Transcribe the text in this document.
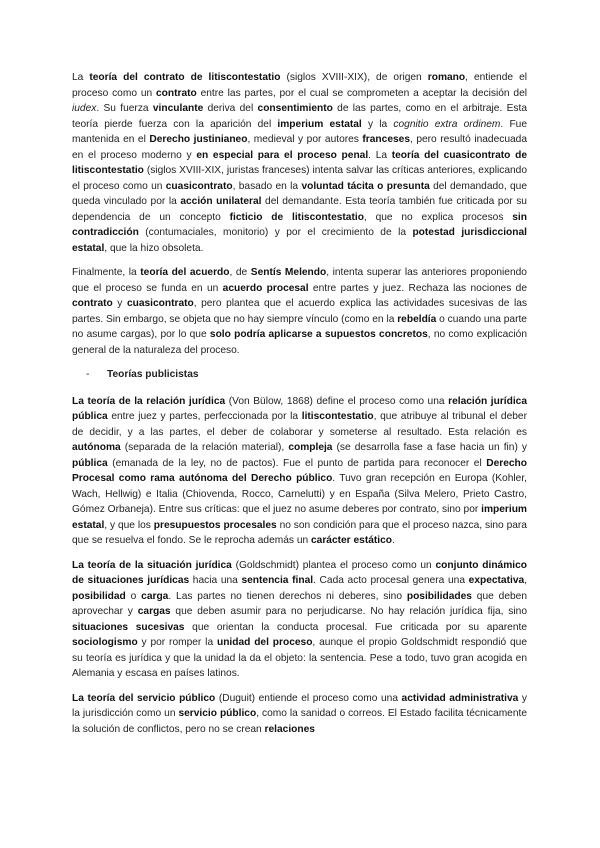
La teoría del contrato de litiscontestatio (siglos XVIII-XIX), de origen romano, entiende el proceso como un contrato entre las partes, por el cual se comprometen a aceptar la decisión del iudex. Su fuerza vinculante deriva del consentimiento de las partes, como en el arbitraje. Esta teoría pierde fuerza con la aparición del imperium estatal y la cognitio extra ordinem. Fue mantenida en el Derecho justinianeo, medieval y por autores franceses, pero resultó inadecuada en el proceso moderno y en especial para el proceso penal. La teoría del cuasicontrato de litiscontestatio (siglos XVIII-XIX, juristas franceses) intenta salvar las críticas anteriores, explicando el proceso como un cuasicontrato, basado en la voluntad tácita o presunta del demandado, que queda vinculado por la acción unilateral del demandante. Esta teoría también fue criticada por su dependencia de un concepto ficticio de litiscontestatio, que no explica procesos sin contradicción (contumaciales, monitorio) y por el crecimiento de la potestad jurisdiccional estatal, que la hizo obsoleta.

Finalmente, la teoría del acuerdo, de Sentís Melendo, intenta superar las anteriores proponiendo que el proceso se funda en un acuerdo procesal entre partes y juez. Rechaza las nociones de contrato y cuasicontrato, pero plantea que el acuerdo explica las actividades sucesivas de las partes. Sin embargo, se objeta que no hay siempre vínculo (como en la rebeldía o cuando una parte no asume cargas), por lo que solo podría aplicarse a supuestos concretos, no como explicación general de la naturaleza del proceso.

-	Teorías publicistas

La teoría de la relación jurídica (Von Bülow, 1868) define el proceso como una relación jurídica pública entre juez y partes, perfeccionada por la litiscontestatio, que atribuye al tribunal el deber de decidir, y a las partes, el deber de colaborar y someterse al resultado. Esta relación es autónoma (separada de la relación material), compleja (se desarrolla fase a fase hacia un fin) y pública (emanada de la ley, no de pactos). Fue el punto de partida para reconocer el Derecho Procesal como rama autónoma del Derecho público. Tuvo gran recepción en Europa (Kohler, Wach, Hellwig) e Italia (Chiovenda, Rocco, Carnelutti) y en España (Silva Melero, Prieto Castro, Gómez Orbaneja). Entre sus críticas: que el juez no asume deberes por contrato, sino por imperium estatal, y que los presupuestos procesales no son condición para que el proceso nazca, sino para que se resuelva el fondo. Se le reprocha además un carácter estático.

La teoría de la situación jurídica (Goldschmidt) plantea el proceso como un conjunto dinámico de situaciones jurídicas hacia una sentencia final. Cada acto procesal genera una expectativa, posibilidad o carga. Las partes no tienen derechos ni deberes, sino posibilidades que deben aprovechar y cargas que deben asumir para no perjudicarse. No hay relación jurídica fija, sino situaciones sucesivas que orientan la conducta procesal. Fue criticada por su aparente sociologismo y por romper la unidad del proceso, aunque el propio Goldschmidt respondió que su teoría es jurídica y que la unidad la da el objeto: la sentencia. Pese a todo, tuvo gran acogida en Alemania y escasa en países latinos.

La teoría del servicio público (Duguit) entiende el proceso como una actividad administrativa y la jurisdicción como un servicio público, como la sanidad o correos. El Estado facilita técnicamente la solución de conflictos, pero no se crean relaciones
